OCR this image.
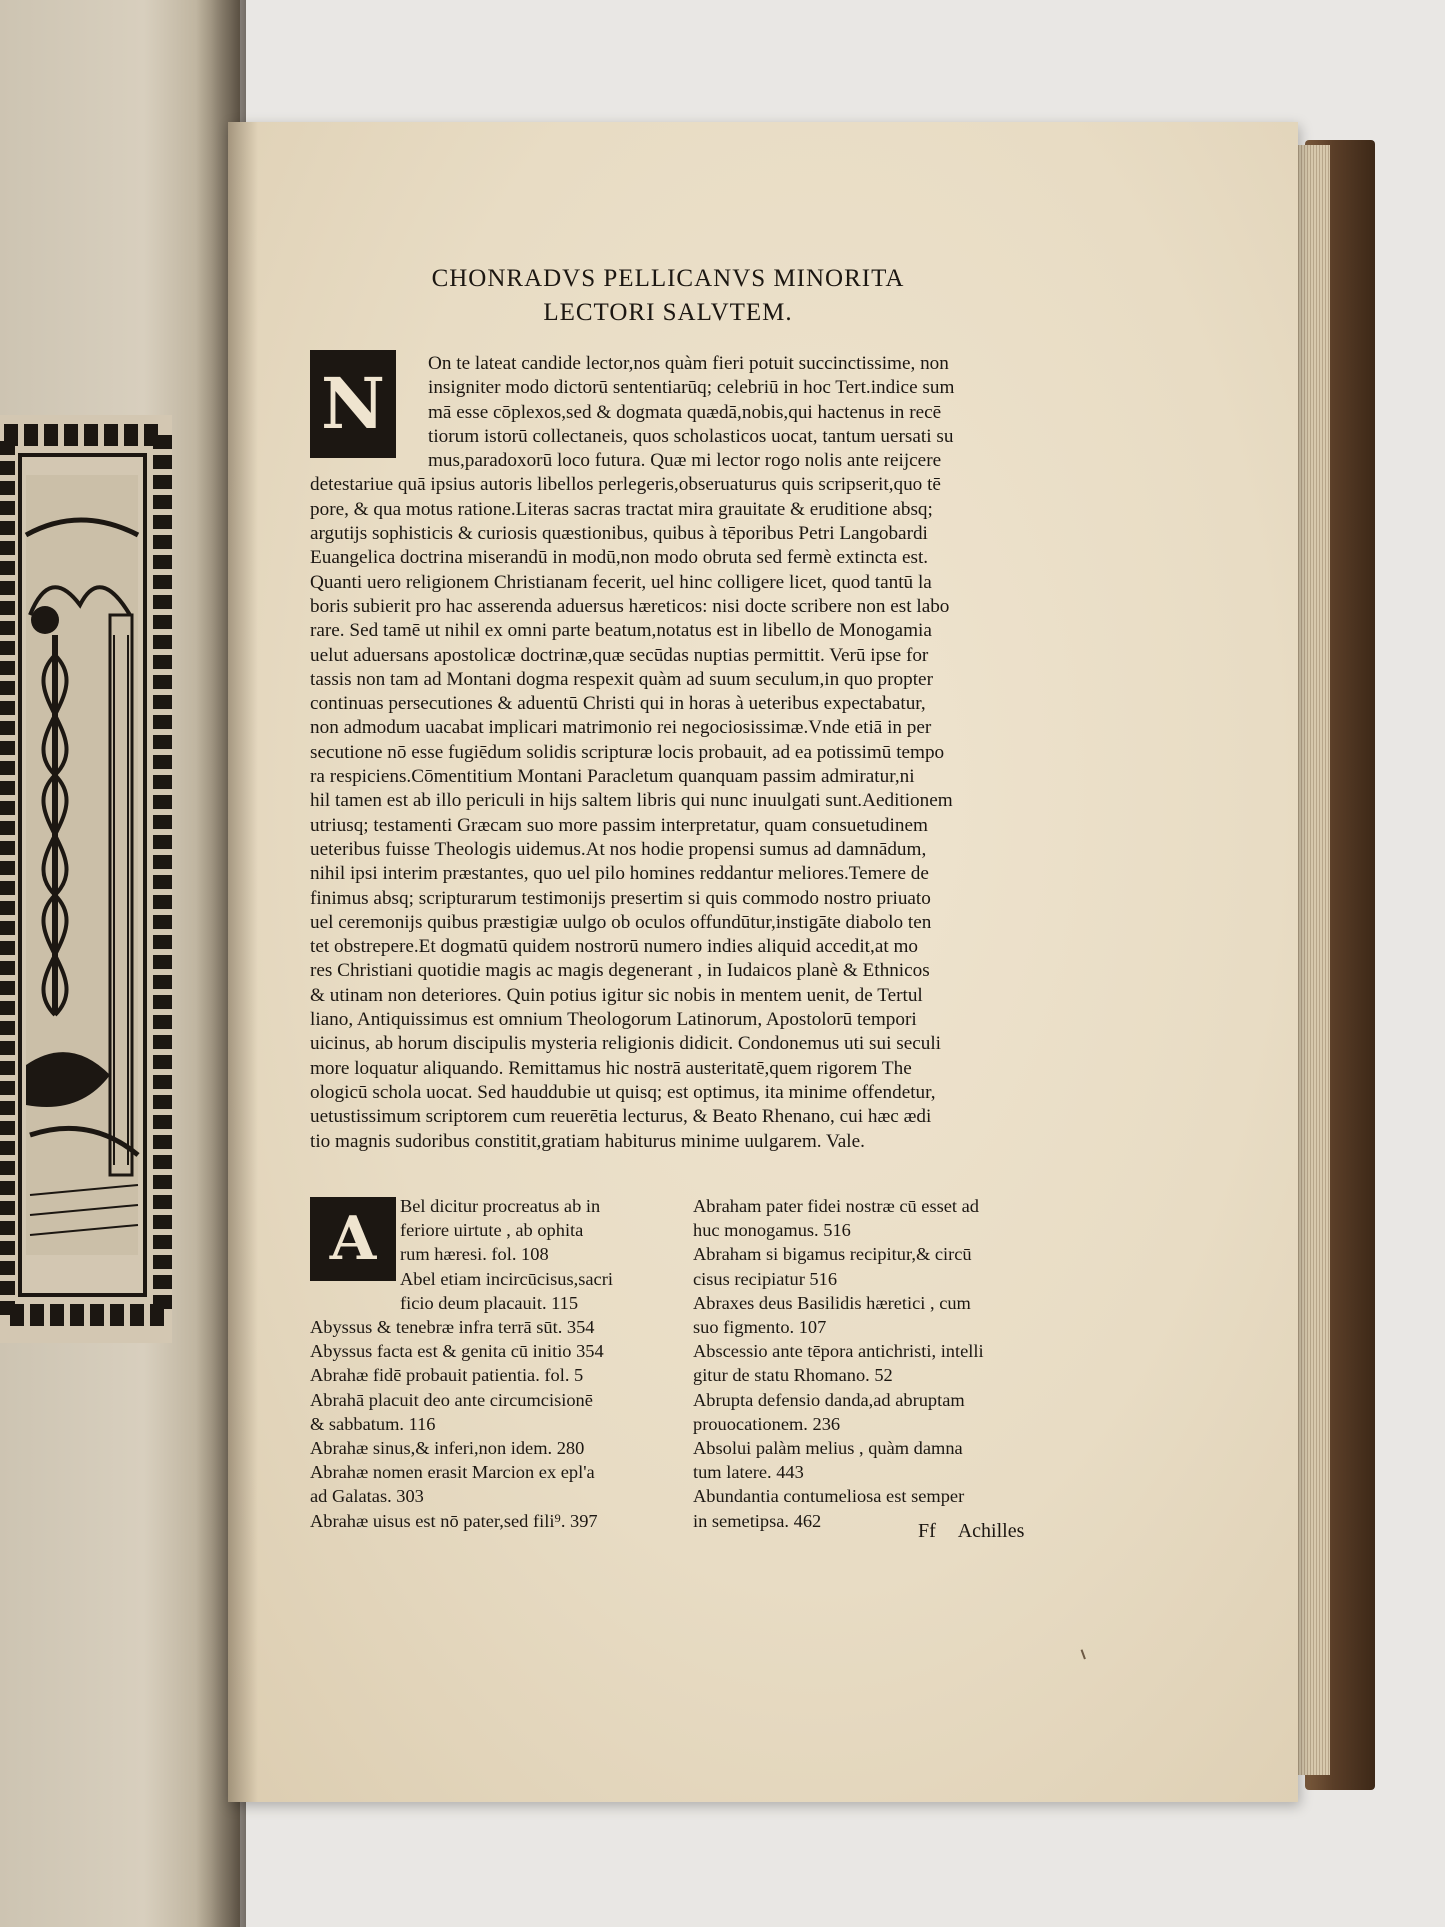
CHONRADVS PELLICANVS MINORITA
LECTORI SALVTEM.
N	On te lateat candide lector,nos quàm fieri potuit succinctissime, non
insigniter modo dictorū sententiarūq; celebriū in hoc Tert.indice sum
mā esse cōplexos,sed & dogmata quædā,nobis,qui hactenus in recē
tiorum istorū collectaneis, quos scholasticos uocat, tantum uersati su
mus,paradoxorū loco futura. Quæ mi lector rogo nolis ante reijcere
detestariue quā ipsius autoris libellos perlegeris,obseruaturus quis scripserit,quo tē
pore, & qua motus ratione.Literas sacras tractat mira grauitate & eruditione absq;
argutijs sophisticis & curiosis quæstionibus, quibus à tēporibus Petri Langobardi
Euangelica doctrina miserandū in modū,non modo obruta sed fermè extincta est.
Quanti uero religionem Christianam fecerit, uel hinc colligere licet, quod tantū la
boris subierit pro hac asserenda aduersus hæreticos: nisi docte scribere non est labo
rare. Sed tamē ut nihil ex omni parte beatum,notatus est in libello de Monogamia
uelut aduersans apostolicæ doctrinæ,quæ secūdas nuptias permittit. Verū ipse for
tassis non tam ad Montani dogma respexit quàm ad suum seculum,in quo propter
continuas persecutiones & aduentū Christi qui in horas à ueteribus expectabatur,
non admodum uacabat implicari matrimonio rei negociosissimæ.Vnde etiā in per
secutione nō esse fugiēdum solidis scripturæ locis probauit, ad ea potissimū tempo
ra respiciens.Cōmentitium Montani Paracletum quanquam passim admiratur,ni
hil tamen est ab illo periculi in hijs saltem libris qui nunc inuulgati sunt.Aeditionem
utriusq; testamenti Græcam suo more passim interpretatur, quam consuetudinem
ueteribus fuisse Theologis uidemus.At nos hodie propensi sumus ad damnādum,
nihil ipsi interim præstantes, quo uel pilo homines reddantur meliores.Temere de
finimus absq; scripturarum testimonijs presertim si quis commodo nostro priuato
uel ceremonijs quibus præstigiæ uulgo ob oculos offundūtur,instigāte diabolo ten
tet obstrepere.Et dogmatū quidem nostrorū numero indies aliquid accedit,at mo
res Christiani quotidie magis ac magis degenerant , in Iudaicos planè & Ethnicos
& utinam non deteriores. Quin potius igitur sic nobis in mentem uenit, de Tertul
liano, Antiquissimus est omnium Theologorum Latinorum, Apostolorū tempori
uicinus, ab horum discipulis mysteria religionis didicit. Condonemus uti sui seculi
more loquatur aliquando. Remittamus hic nostrā austeritatē,quem rigorem The
ologicū schola uocat. Sed hauddubie ut quisq; est optimus, ita minime offendetur,
uetustissimum scriptorem cum reuerētia lecturus, & Beato Rhenano, cui hæc ædi
tio magnis sudoribus constitit,gratiam habiturus minime uulgarem. Vale.
A	Bel dicitur procreatus ab in
feriore uirtute , ab ophita
rum hæresi. fol. 108
Abel etiam incircūcisus,sacri
ficio deum placauit. 115
Abyssus & tenebræ infra terrā sūt. 354
Abyssus facta est & genita cū initio 354
Abrahæ fidē probauit patientia. fol. 5
Abrahā placuit deo ante circumcisionē
& sabbatum. 116
Abrahæ sinus,& inferi,non idem. 280
Abrahæ nomen erasit Marcion ex epl'a
ad Galatas. 303
Abrahæ uisus est nō pater,sed fili⁹. 397
Abraham pater fidei nostræ cū esset ad
huc monogamus. 516
Abraham si bigamus recipitur,& circū
cisus recipiatur 516
Abraxes deus Basilidis hæretici , cum
suo figmento. 107
Abscessio ante tēpora antichristi, intelli
gitur de statu Rhomano. 52
Abrupta defensio danda,ad abruptam
prouocationem. 236
Absolui palàm melius , quàm damna
tum latere. 443
Abundantia contumeliosa est semper
in semetipsa. 462	Ff Achilles
